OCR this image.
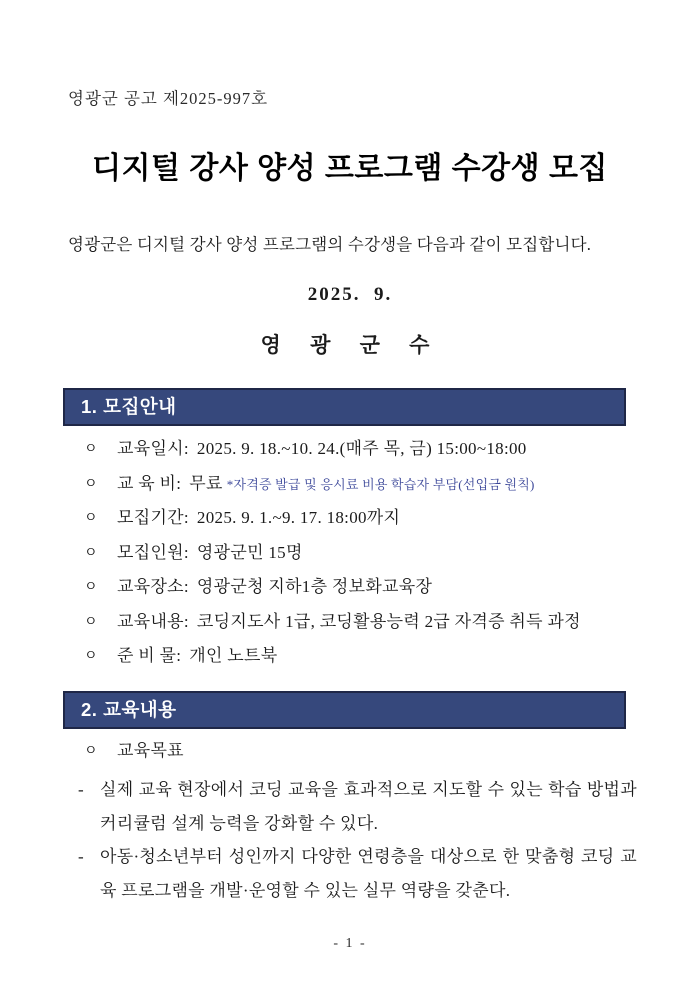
영광군 공고 제2025-997호
디지털 강사 양성 프로그램 수강생 모집
영광군은 디지털 강사 양성 프로그램의 수강생을 다음과 같이 모집합니다.
2025.  9.
영 광 군 수
1. 모집안내
ㅇ 교육일시: 2025. 9. 18.~10. 24.(매주 목, 금) 15:00~18:00
ㅇ 교 육 비: 무료 *자격증 발급 및 응시료 비용 학습자 부담(선입금 원칙)
ㅇ 모집기간: 2025. 9. 1.~9. 17. 18:00까지
ㅇ 모집인원: 영광군민 15명
ㅇ 교육장소: 영광군청 지하1층 정보화교육장
ㅇ 교육내용: 코딩지도사 1급, 코딩활용능력 2급 자격증 취득 과정
ㅇ 준 비 물: 개인 노트북
2. 교육내용
ㅇ 교육목표
- 실제 교육 현장에서 코딩 교육을 효과적으로 지도할 수 있는 학습 방법과 커리큘럼 설계 능력을 강화할 수 있다.
- 아동·청소년부터 성인까지 다양한 연령층을 대상으로 한 맞춤형 코딩 교육 프로그램을 개발·운영할 수 있는 실무 역량을 갖춘다.
- 1 -
